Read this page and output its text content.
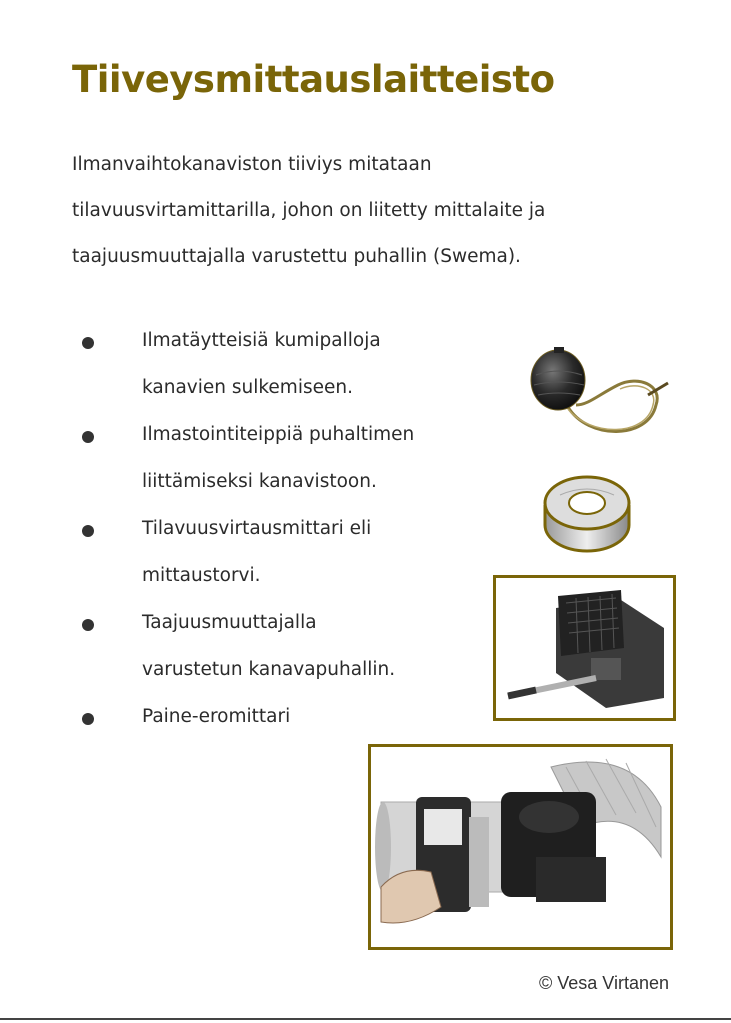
Tiiveysmittauslaitteisto
Ilmanvaihtokanaviston tiiviys mitataan
tilavuusvirtamittarilla, johon on liitetty mittalaite ja
taajuusmuuttajalla varustettu puhallin (Swema).
Ilmatäytteisiä kumipalloja
kanavien sulkemiseen.
Ilmastointiteippiä puhaltimen
liittämiseksi kanavistoon.
Tilavuusvirtausmittari eli
mittaustorvi.
Taajuusmuuttajalla
varustetun kanavapuhallin.
Paine-eromittari
© Vesa Virtanen
